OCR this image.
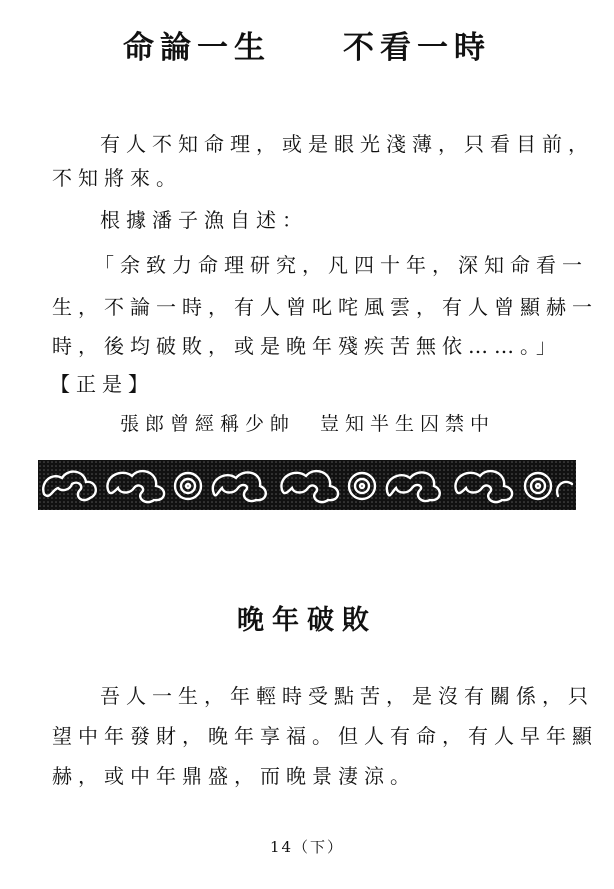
命論一生 不看一時
有人不知命理，或是眼光淺薄，只看目前，
不知將來。
根據潘子漁自述：
「余致力命理研究，凡四十年，深知命看一
生，不論一時，有人曾叱咤風雲，有人曾顯赫一
時，後均破敗，或是晚年殘疾苦無依……。」
【正是】
張郎曾經稱少帥　豈知半生囚禁中
晚年破敗
吾人一生，年輕時受點苦，是沒有關係，只
望中年發財，晚年享福。但人有命，有人早年顯
赫，或中年鼎盛，而晚景淒涼。
14（下）
